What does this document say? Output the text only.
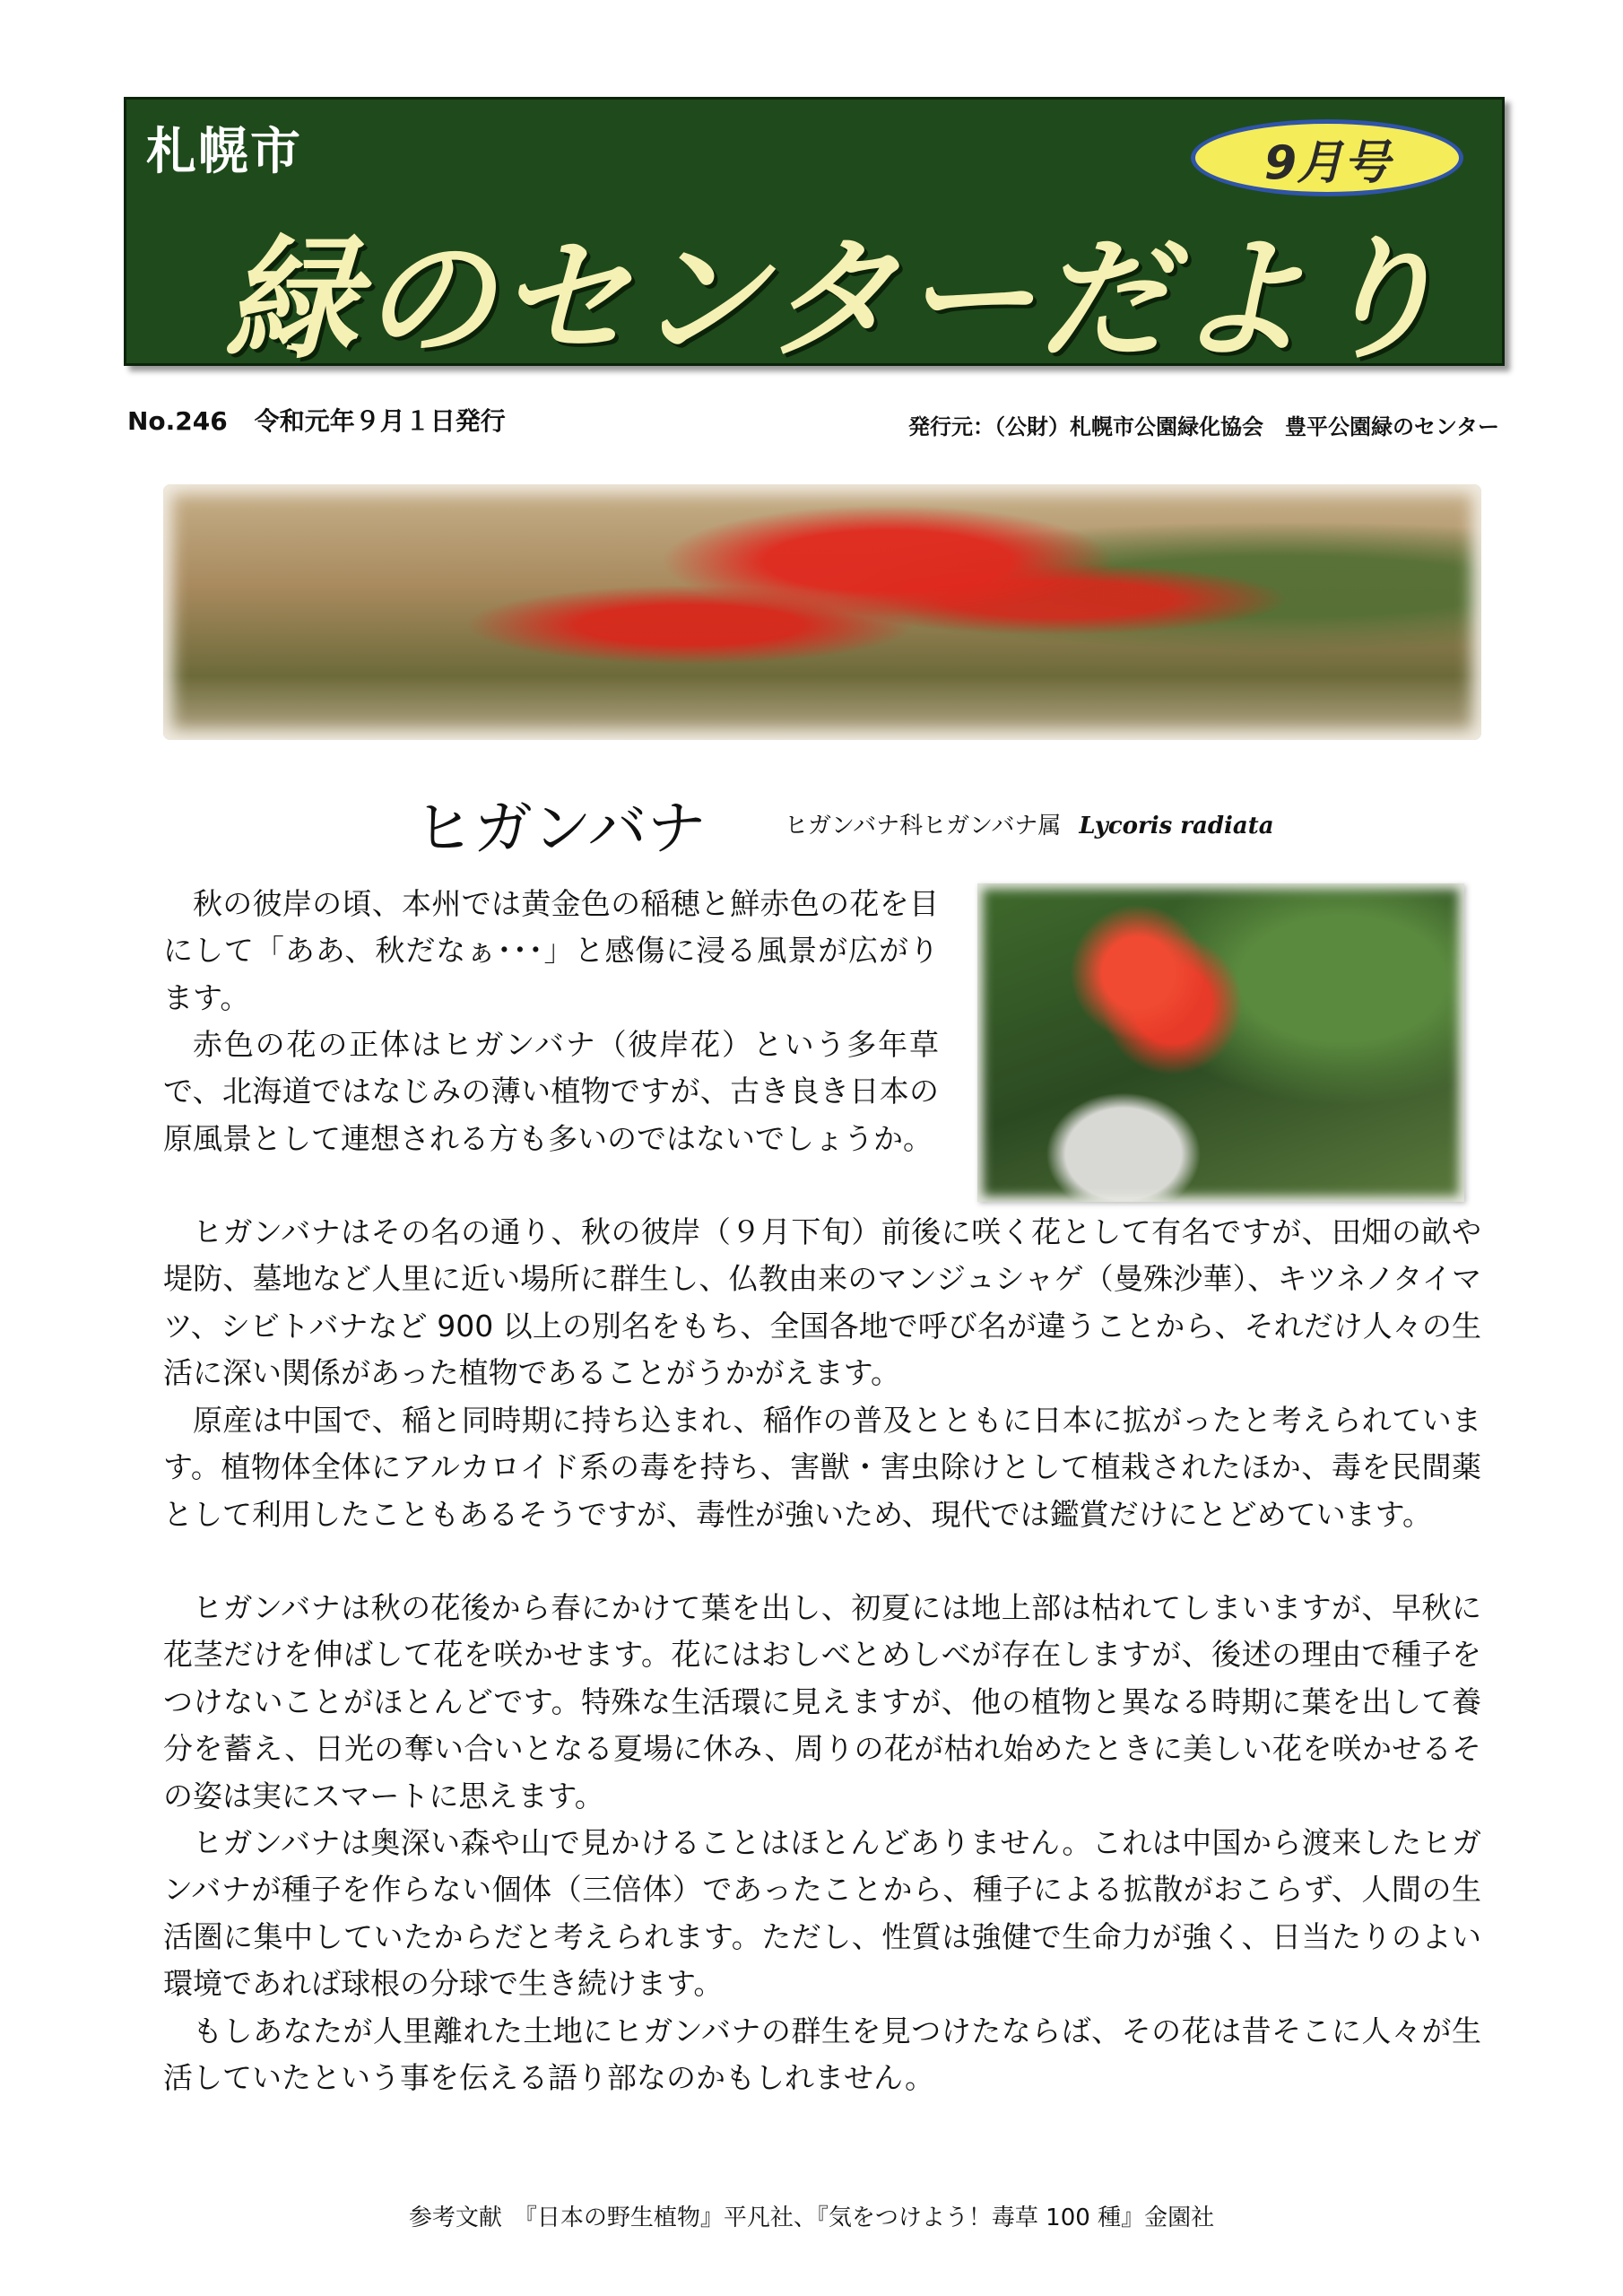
札幌市	9月号
緑のセンターだより
No.246 令和元年９月１日発行	発行元：（公財）札幌市公園緑化協会　豊平公園緑のセンター
ヒガンバナ	ヒガンバナ科ヒガンバナ属 Lycoris radiata

秋の彼岸の頃、本州では黄金色の稲穂と鮮赤色の花を目にして「ああ、秋だなぁ･･･」と感傷に浸る風景が広がります。

赤色の花の正体はヒガンバナ（彼岸花）という多年草で、北海道ではなじみの薄い植物ですが、古き良き日本の原風景として連想される方も多いのではないでしょうか。

ヒガンバナはその名の通り、秋の彼岸（９月下旬）前後に咲く花として有名ですが、田畑の畝や堤防、墓地など人里に近い場所に群生し、仏教由来のマンジュシャゲ（曼殊沙華）、キツネノタイマツ、シビトバナなど 900 以上の別名をもち、全国各地で呼び名が違うことから、それだけ人々の生活に深い関係があった植物であることがうかがえます。

原産は中国で、稲と同時期に持ち込まれ、稲作の普及とともに日本に拡がったと考えられています。植物体全体にアルカロイド系の毒を持ち、害獣・害虫除けとして植栽されたほか、毒を民間薬として利用したこともあるそうですが、毒性が強いため、現代では鑑賞だけにとどめています。

ヒガンバナは秋の花後から春にかけて葉を出し、初夏には地上部は枯れてしまいますが、早秋に花茎だけを伸ばして花を咲かせます。花にはおしべとめしべが存在しますが、後述の理由で種子をつけないことがほとんどです。特殊な生活環に見えますが、他の植物と異なる時期に葉を出して養分を蓄え、日光の奪い合いとなる夏場に休み、周りの花が枯れ始めたときに美しい花を咲かせるその姿は実にスマートに思えます。

ヒガンバナは奥深い森や山で見かけることはほとんどありません。これは中国から渡来したヒガンバナが種子を作らない個体（三倍体）であったことから、種子による拡散がおこらず、人間の生活圏に集中していたからだと考えられます。ただし、性質は強健で生命力が強く、日当たりのよい環境であれば球根の分球で生き続けます。

もしあなたが人里離れた土地にヒガンバナの群生を見つけたならば、その花は昔そこに人々が生活していたという事を伝える語り部なのかもしれません。

参考文献　『日本の野生植物』平凡社、『気をつけよう！毒草 100 種』金園社
